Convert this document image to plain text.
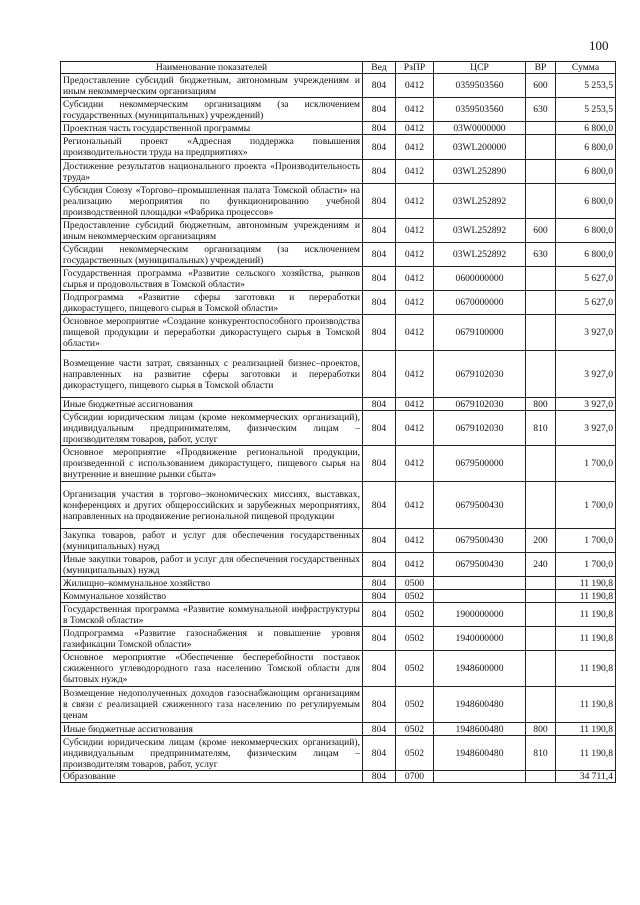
100
Наименование показателей	Вед	РзПР	ЦСР	ВР	Сумма
Предоставление субсидий бюджетным, автономным учреждениям и иным некоммерческим организациям	804	0412	0359503560	600	5 253,5
Субсидии некоммерческим организациям (за исключением государственных (муниципальных) учреждений)	804	0412	0359503560	630	5 253,5
Проектная часть государственной программы	804	0412	03W0000000		6 800,0
Региональный проект «Адресная поддержка повышения производительности труда на предприятиях»	804	0412	03WL200000		6 800,0
Достижение результатов национального проекта «Производительность труда»	804	0412	03WL252890		6 800,0
Субсидия Союзу «Торгово–промышленная палата Томской области» на реализацию мероприятия по функционированию учебной производственной площадки «Фабрика процессов»	804	0412	03WL252892		6 800,0
Предоставление субсидий бюджетным, автономным учреждениям и иным некоммерческим организациям	804	0412	03WL252892	600	6 800,0
Субсидии некоммерческим организациям (за исключением государственных (муниципальных) учреждений)	804	0412	03WL252892	630	6 800,0
Государственная программа «Развитие сельского хозяйства, рынков сырья и продовольствия в Томской области»	804	0412	0600000000		5 627,0
Подпрограмма «Развитие сферы заготовки и переработки дикорастущего, пищевого сырья в Томской области»	804	0412	0670000000		5 627,0
Основное мероприятие «Создание конкурентоспособного производства пищевой продукции и переработки дикорастущего сырья в Томской области»	804	0412	0679100000		3 927,0
Возмещение части затрат, связанных с реализацией бизнес–проектов, направленных на развитие сферы заготовки и переработки дикорастущего, пищевого сырья в Томской области	804	0412	0679102030		3 927,0
Иные бюджетные ассигнования	804	0412	0679102030	800	3 927,0
Субсидии юридическим лицам (кроме некоммерческих организаций), индивидуальным предпринимателям, физическим лицам – производителям товаров, работ, услуг	804	0412	0679102030	810	3 927,0
Основное мероприятие «Продвижение региональной продукции, произведенной с использованием дикорастущего, пищевого сырья на внутренние и внешние рынки сбыта»	804	0412	0679500000		1 700,0
Организация участия в торгово–экономических миссиях, выставках, конференциях и других общероссийских и зарубежных мероприятиях, направленных на продвижение региональной пищевой продукции	804	0412	0679500430		1 700,0
Закупка товаров, работ и услуг для обеспечения государственных (муниципальных) нужд	804	0412	0679500430	200	1 700,0
Иные закупки товаров, работ и услуг для обеспечения государственных (муниципальных) нужд	804	0412	0679500430	240	1 700,0
Жилищно–коммунальное хозяйство	804	0500			11 190,8
Коммунальное хозяйство	804	0502			11 190,8
Государственная программа «Развитие коммунальной инфраструктуры в Томской области»	804	0502	1900000000		11 190,8
Подпрограмма «Развитие газоснабжения и повышение уровня газификации Томской области»	804	0502	1940000000		11 190,8
Основное мероприятие «Обеспечение бесперебойности поставок сжиженного углеводородного газа населению Томской области для бытовых нужд»	804	0502	1948600000		11 190,8
Возмещение недополученных доходов газоснабжающим организациям в связи с реализацией сжиженного газа населению по регулируемым ценам	804	0502	1948600480		11 190,8
Иные бюджетные ассигнования	804	0502	1948600480	800	11 190,8
Субсидии юридическим лицам (кроме некоммерческих организаций), индивидуальным предпринимателям, физическим лицам – производителям товаров, работ, услуг	804	0502	1948600480	810	11 190,8
Образование	804	0700			34 711,4
